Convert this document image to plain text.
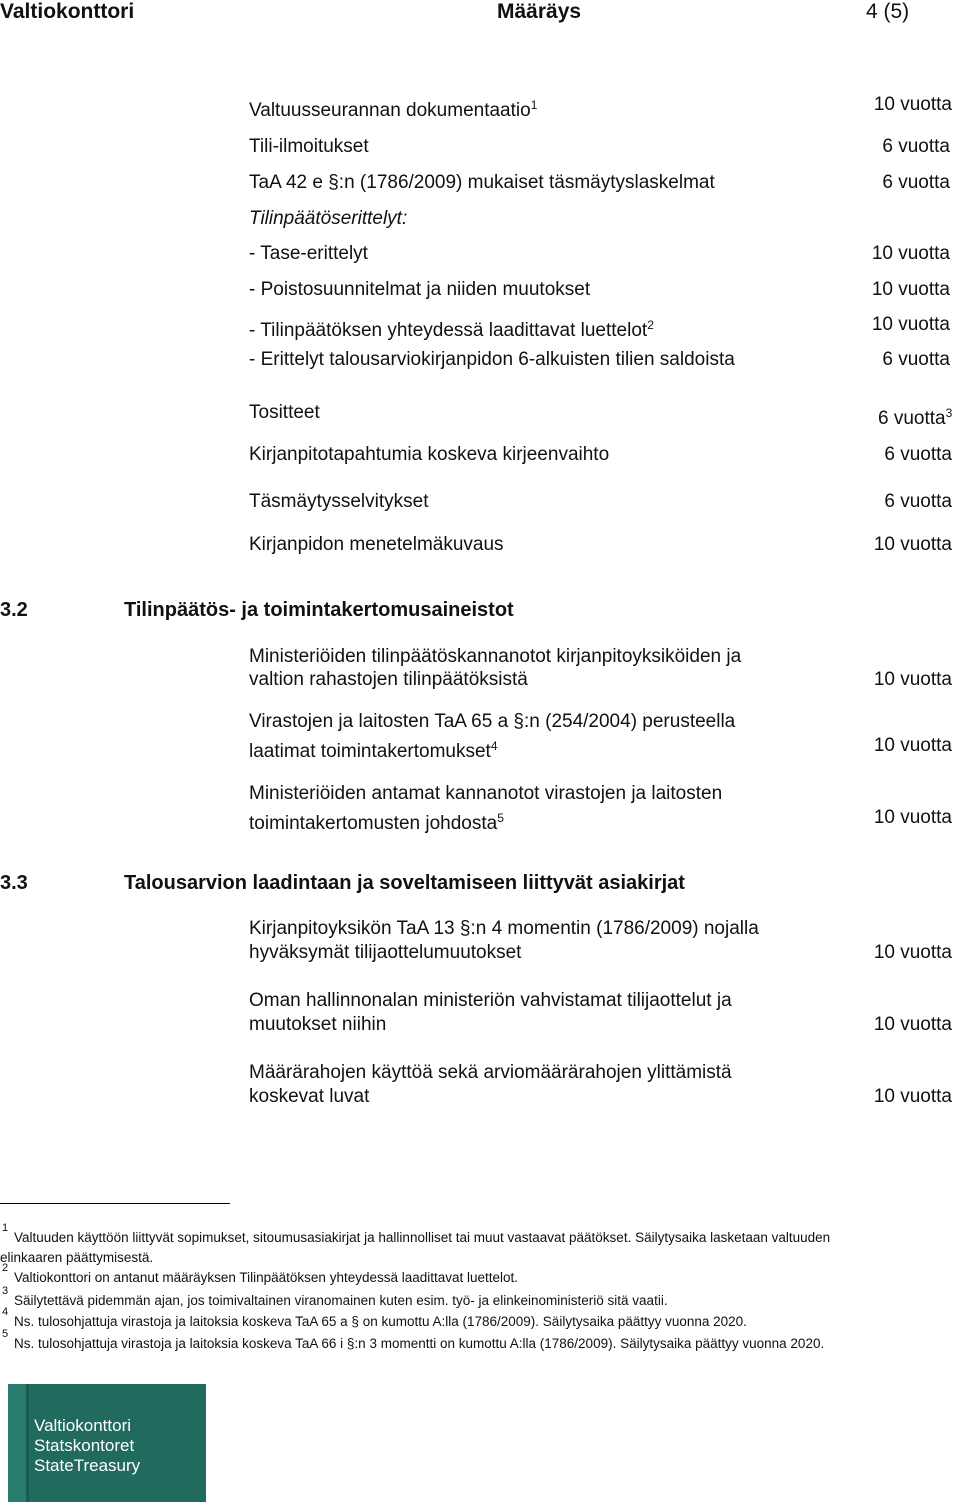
Valtiokonttori	Määräys	4 (5)
Valtuusseurannan dokumentaatio$^1$	10 vuotta
Tili-ilmoitukset	6 vuotta
TaA 42 e §:n (1786/2009) mukaiset täsmäytyslaskelmat	6 vuotta
Tilinpäätöserittelyt:
- Tase-erittelyt	10 vuotta
- Poistosuunnitelmat ja niiden muutokset	10 vuotta
- Tilinpäätöksen yhteydessä laadittavat luettelot$^2$	10 vuotta
- Erittelyt talousarviokirjanpidon 6-alkuisten tilien saldoista	6 vuotta
Tositteet	6 vuotta$^3$
Kirjanpitotapahtumia koskeva kirjeenvaihto	6 vuotta
Täsmäytysselvitykset	6 vuotta
Kirjanpidon menetelmäkuvaus	10 vuotta
3.2	Tilinpäätös- ja toimintakertomusaineistot
Ministeriöiden tilinpäätöskannanotot kirjanpitoyksiköiden ja
valtion rahastojen tilinpäätöksistä	10 vuotta
Virastojen ja laitosten TaA 65 a §:n (254/2004) perusteella
laatimat toimintakertomukset$^4$	10 vuotta
Ministeriöiden antamat kannanotot virastojen ja laitosten
toimintakertomusten johdosta$^5$	10 vuotta
3.3	Talousarvion laadintaan ja soveltamiseen liittyvät asiakirjat
Kirjanpitoyksikön TaA 13 §:n 4 momentin (1786/2009) nojalla
hyväksymät tilijaottelumuutokset	10 vuotta
Oman hallinnonalan ministeriön vahvistamat tilijaottelut ja
muutokset niihin	10 vuotta
Määrärahojen käyttöä sekä arviomäärärahojen ylittämistä
koskevat luvat	10 vuotta
1
Valtuuden käyttöön liittyvät sopimukset, sitoumusasiakirjat ja hallinnolliset tai muut vastaavat päätökset. Säilytysaika lasketaan valtuuden
elinkaaren päättymisestä.
2
Valtiokonttori on antanut määräyksen Tilinpäätöksen yhteydessä laadittavat luettelot.
3
Säilytettävä pidemmän ajan, jos toimivaltainen viranomainen kuten esim. työ- ja elinkeinoministeriö sitä vaatii.
4
Ns. tulosohjattuja virastoja ja laitoksia koskeva TaA 65 a § on kumottu A:lla (1786/2009). Säilytysaika päättyy vuonna 2020.
5
Ns. tulosohjattuja virastoja ja laitoksia koskeva TaA 66 i §:n 3 momentti on kumottu A:lla (1786/2009). Säilytysaika päättyy vuonna 2020.
Valtiokonttori
Statskontoret
StateTreasury
